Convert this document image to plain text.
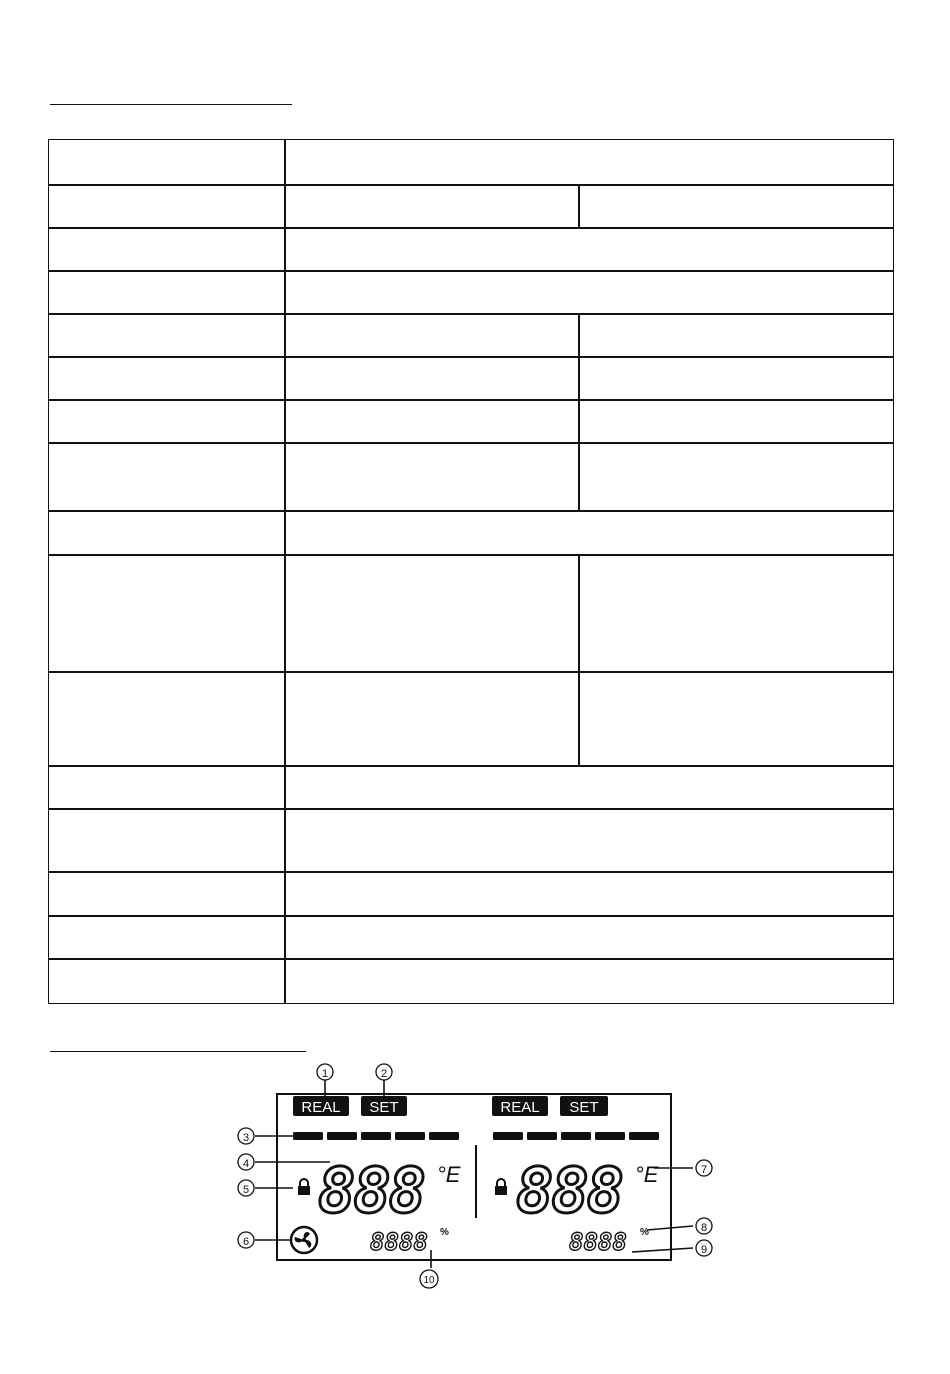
REAL SET	REAL SET
888 °E 888 °E
8888 %	8888 %
1	2
3
4
5
6
7
8
9
10
